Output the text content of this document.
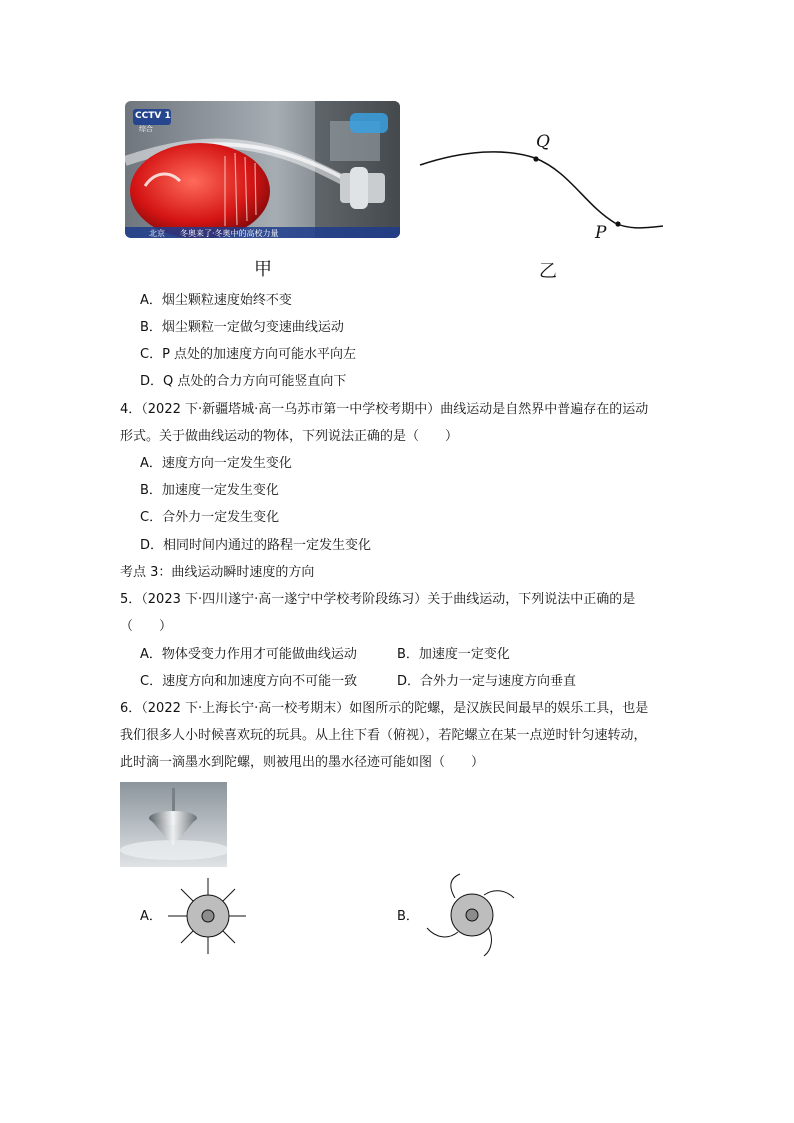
CCTV 1
综合
北京 冬奥来了·冬奥中的高校力量
Q
P
甲	乙
A．烟尘颗粒速度始终不变
B．烟尘颗粒一定做匀变速曲线运动
C．P 点处的加速度方向可能水平向左
D．Q 点处的合力方向可能竖直向下
4．（2022 下·新疆塔城·高一乌苏市第一中学校考期中）曲线运动是自然界中普遍存在的运动
形式。关于做曲线运动的物体，下列说法正确的是（　　）
A．速度方向一定发生变化
B．加速度一定发生变化
C．合外力一定发生变化
D．相同时间内通过的路程一定发生变化
考点 3：曲线运动瞬时速度的方向
5．（2023 下·四川遂宁·高一遂宁中学校考阶段练习）关于曲线运动，下列说法中正确的是
（　　）
A．物体受变力作用才可能做曲线运动	B．加速度一定变化
C．速度方向和加速度方向不可能一致	D．合外力一定与速度方向垂直
6．（2022 下·上海长宁·高一校考期末）如图所示的陀螺，是汉族民间最早的娱乐工具，也是
我们很多人小时候喜欢玩的玩具。从上往下看（俯视），若陀螺立在某一点逆时针匀速转动，
此时滴一滴墨水到陀螺，则被甩出的墨水径迹可能如图（　　）
A．	B．
